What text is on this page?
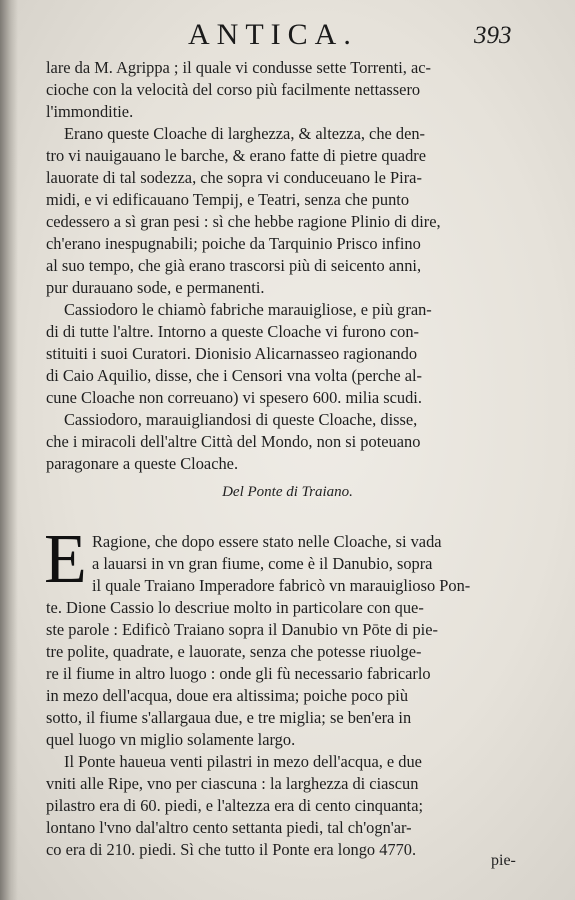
ANTICA.	393
lare da M. Agrippa ; il quale vi condusse sette Torrenti, ac-
cioche con la velocità del corso più facilmente nettassero
l'immonditie.
Erano queste Cloache di larghezza, & altezza, che den-
tro vi nauigauano le barche, & erano fatte di pietre quadre
lauorate di tal sodezza, che sopra vi conduceuano le Pira-
midi, e vi edificauano Tempij, e Teatri, senza che punto
cedessero a sì gran pesi : sì che hebbe ragione Plinio di dire,
ch'erano inespugnabili; poiche da Tarquinio Prisco infino
al suo tempo, che già erano trascorsi più di seicento anni,
pur durauano sode, e permanenti.
Cassiodoro le chiamò fabriche marauigliose, e più gran-
di di tutte l'altre. Intorno a queste Cloache vi furono con-
stituiti i suoi Curatori. Dionisio Alicarnasseo ragionando
di Caio Aquilio, disse, che i Censori vna volta (perche al-
cune Cloache non correuano) vi spesero 600. milia scudi.
Cassiodoro, marauigliandosi di queste Cloache, disse,
che i miracoli dell'altre Città del Mondo, non si poteuano
paragonare a queste Cloache.
Del Ponte di Traiano.
E Ragione, che dopo essere stato nelle Cloache, si vada
a lauarsi in vn gran fiume, come è il Danubio, sopra
il quale Traiano Imperadore fabricò vn marauiglioso Pon-
te. Dione Cassio lo descriue molto in particolare con que-
ste parole : Edificò Traiano sopra il Danubio vn Pōte di pie-
tre polite, quadrate, e lauorate, senza che potesse riuolge-
re il fiume in altro luogo : onde gli fù necessario fabricarlo
in mezo dell'acqua, doue era altissima; poiche poco più
sotto, il fiume s'allargaua due, e tre miglia; se ben'era in
quel luogo vn miglio solamente largo.
Il Ponte haueua venti pilastri in mezo dell'acqua, e due
vniti alle Ripe, vno per ciascuna : la larghezza di ciascun
pilastro era di 60. piedi, e l'altezza era di cento cinquanta;
lontano l'vno dal'altro cento settanta piedi, tal ch'ogn'ar-
co era di 210. piedi. Sì che tutto il Ponte era longo 4770.
pie-
